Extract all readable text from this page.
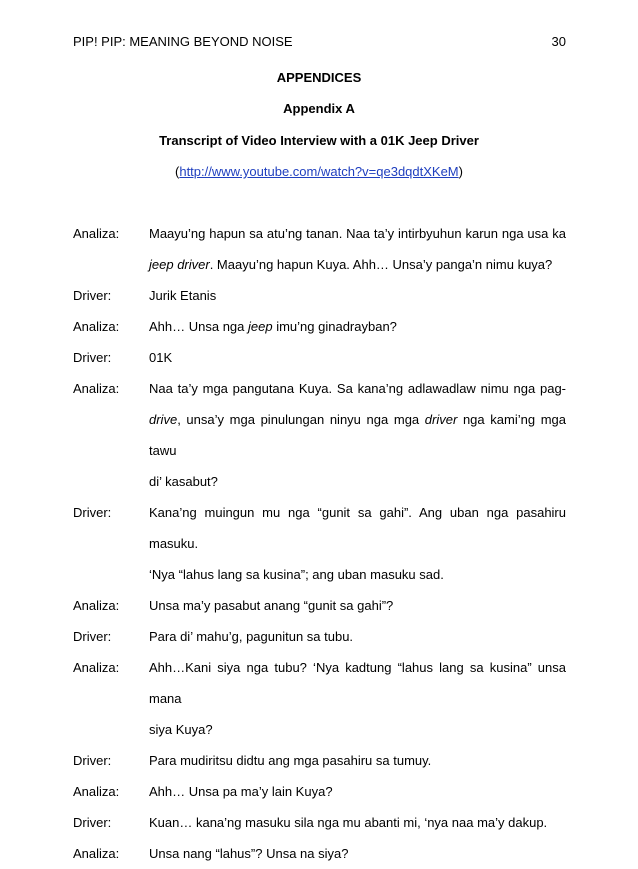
PIP! PIP: MEANING BEYOND NOISE	30
APPENDICES
Appendix A
Transcript of Video Interview with a 01K Jeep Driver
(http://www.youtube.com/watch?v=qe3dqdtXKeM)
Analiza:	Maayu’ng hapun sa atu’ng tanan. Naa ta’y intirbyuhun karun nga usa ka
jeep driver. Maayu’ng hapun Kuya. Ahh… Unsa’y panga’n nimu kuya?
Driver:	Jurik Etanis
Analiza:	Ahh… Unsa nga jeep imu’ng ginadrayban?
Driver:	01K
Analiza:	Naa ta’y mga pangutana Kuya. Sa kana’ng adlawadlaw nimu nga pag-
drive, unsa’y mga pinulungan ninyu nga mga driver nga kami’ng mga tawu
di’ kasabut?
Driver:	Kana’ng muingun mu nga “gunit sa gahi”. Ang uban nga pasahiru masuku.
‘Nya “lahus lang sa kusina”; ang uban masuku sad.
Analiza:	Unsa ma’y pasabut anang “gunit sa gahi”?
Driver:	Para di’ mahu’g, pagunitun sa tubu.
Analiza:	Ahh…Kani siya nga tubu? ‘Nya kadtung “lahus lang sa kusina” unsa mana
siya Kuya?
Driver:	Para mudiritsu didtu ang mga pasahiru sa tumuy.
Analiza:	Ahh… Unsa pa ma’y lain Kuya?
Driver:	Kuan… kana’ng masuku sila nga mu abanti mi, ‘nya naa ma’y dakup.
Analiza:	Unsa nang “lahus”? Unsa na siya?
